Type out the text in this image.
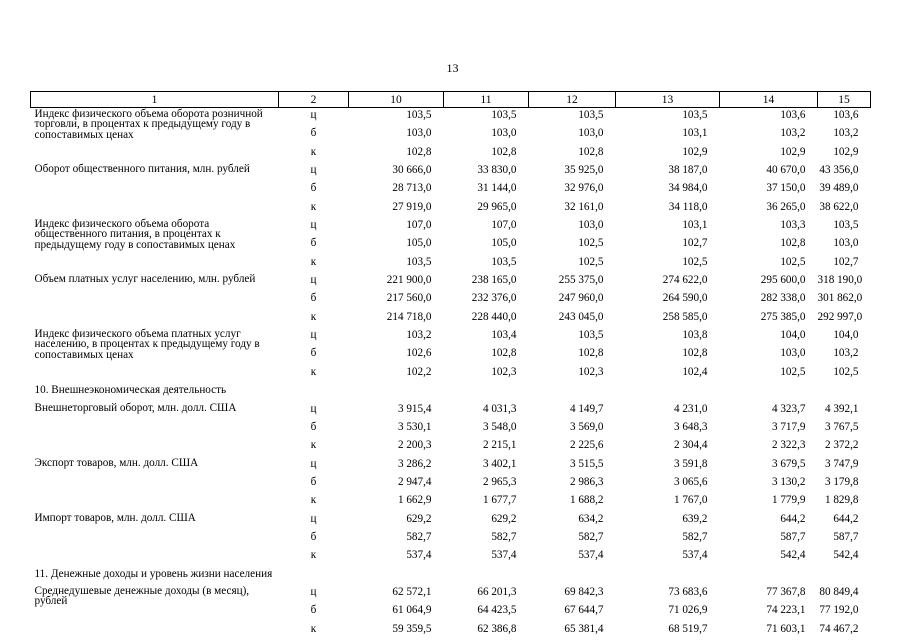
13
1	2	10	11	12	13	14	15
Индекс физического объема оборота розничной торговли, в процентах к предыдущему году в сопоставимых ценах	ц	103,5	103,5	103,5	103,5	103,6	103,6
	б	103,0	103,0	103,0	103,1	103,2	103,2
	к	102,8	102,8	102,8	102,9	102,9	102,9
Оборот общественного питания, млн. рублей	ц	30 666,0	33 830,0	35 925,0	38 187,0	40 670,0	43 356,0
	б	28 713,0	31 144,0	32 976,0	34 984,0	37 150,0	39 489,0
	к	27 919,0	29 965,0	32 161,0	34 118,0	36 265,0	38 622,0
Индекс физического объема оборота общественного питания, в процентах к предыдущему году в сопоставимых ценах	ц	107,0	107,0	103,0	103,1	103,3	103,5
	б	105,0	105,0	102,5	102,7	102,8	103,0
	к	103,5	103,5	102,5	102,5	102,5	102,7
Объем платных услуг населению, млн. рублей	ц	221 900,0	238 165,0	255 375,0	274 622,0	295 600,0	318 190,0
	б	217 560,0	232 376,0	247 960,0	264 590,0	282 338,0	301 862,0
	к	214 718,0	228 440,0	243 045,0	258 585,0	275 385,0	292 997,0
Индекс физического объема платных услуг населению, в процентах к предыдущему году в сопоставимых ценах	ц	103,2	103,4	103,5	103,8	104,0	104,0
	б	102,6	102,8	102,8	102,8	103,0	103,2
	к	102,2	102,3	102,3	102,4	102,5	102,5
10. Внешнеэкономическая деятельность							
Внешнеторговый оборот, млн. долл. США	ц	3 915,4	4 031,3	4 149,7	4 231,0	4 323,7	4 392,1
	б	3 530,1	3 548,0	3 569,0	3 648,3	3 717,9	3 767,5
	к	2 200,3	2 215,1	2 225,6	2 304,4	2 322,3	2 372,2
Экспорт товаров, млн. долл. США	ц	3 286,2	3 402,1	3 515,5	3 591,8	3 679,5	3 747,9
	б	2 947,4	2 965,3	2 986,3	3 065,6	3 130,2	3 179,8
	к	1 662,9	1 677,7	1 688,2	1 767,0	1 779,9	1 829,8
Импорт товаров, млн. долл. США	ц	629,2	629,2	634,2	639,2	644,2	644,2
	б	582,7	582,7	582,7	582,7	587,7	587,7
	к	537,4	537,4	537,4	537,4	542,4	542,4
11. Денежные доходы и уровень жизни населения							
Среднедушевые денежные доходы (в месяц), рублей	ц	62 572,1	66 201,3	69 842,3	73 683,6	77 367,8	80 849,4
	б	61 064,9	64 423,5	67 644,7	71 026,9	74 223,1	77 192,0
	к	59 359,5	62 386,8	65 381,4	68 519,7	71 603,1	74 467,2
